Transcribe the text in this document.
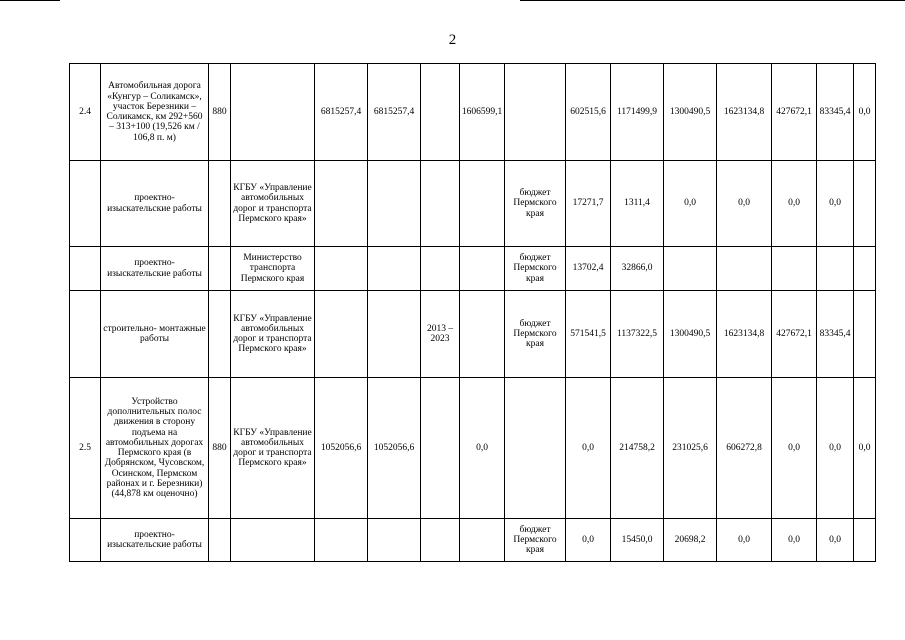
2
2.4	Автомобильная дорога «Кунгур – Соликамск», участок Березники – Соликамск, км 292+560 – 313+100 (19,526 км / 106,8 п. м)	880		6815257,4	6815257,4		1606599,1		602515,6	1171499,9	1300490,5	1623134,8	427672,1	83345,4	0,0
	проектно- изыскательские работы		КГБУ «Управление автомобильных дорог и транспорта Пермского края»					бюджет Пермского края	17271,7	1311,4	0,0	0,0	0,0	0,0	
	проектно- изыскательские работы		Министерство транспорта Пермского края					бюджет Пермского края	13702,4	32866,0					
	строительно- монтажные работы		КГБУ «Управление автомобильных дорог и транспорта Пермского края»			2013 – 2023		бюджет Пермского края	571541,5	1137322,5	1300490,5	1623134,8	427672,1	83345,4	
2.5	Устройство дополнительных полос движения в сторону подъема на автомобильных дорогах Пермского края (в Добрянском, Чусовском, Осинском, Пермском районах и г. Березники) (44,878 км оценочно)	880	КГБУ «Управление автомобильных дорог и транспорта Пермского края»	1052056,6	1052056,6		0,0		0,0	214758,2	231025,6	606272,8	0,0	0,0	0,0
	проектно- изыскательские работы							бюджет Пермского края	0,0	15450,0	20698,2	0,0	0,0	0,0	
